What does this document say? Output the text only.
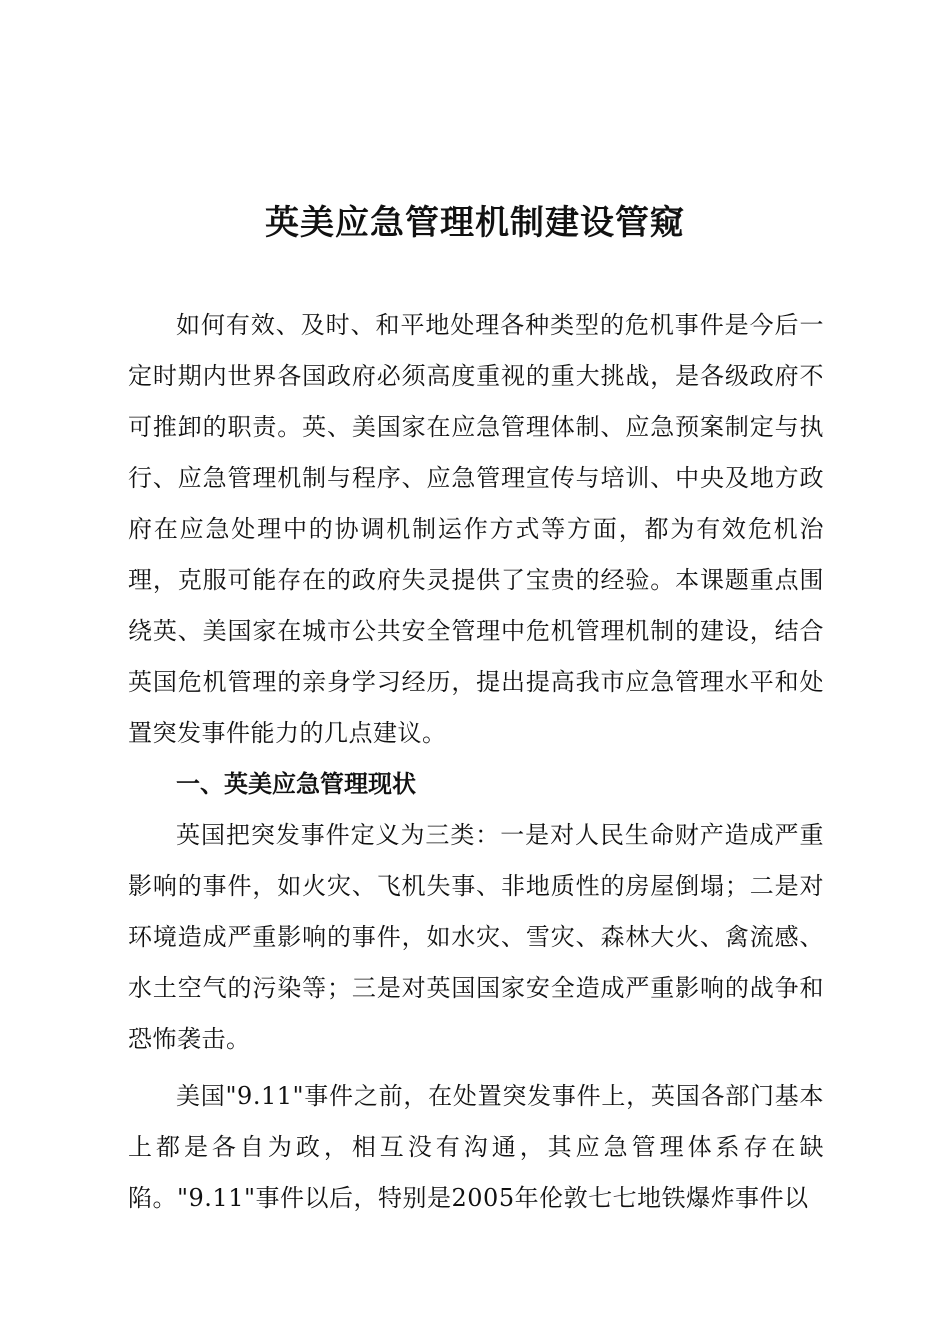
英美应急管理机制建设管窥

如何有效、及时、和平地处理各种类型的危机事件是今后一定时期内世界各国政府必须高度重视的重大挑战，是各级政府不可推卸的职责。英、美国家在应急管理体制、应急预案制定与执行、应急管理机制与程序、应急管理宣传与培训、中央及地方政府在应急处理中的协调机制运作方式等方面，都为有效危机治理，克服可能存在的政府失灵提供了宝贵的经验。本课题重点围绕英、美国家在城市公共安全管理中危机管理机制的建设，结合英国危机管理的亲身学习经历，提出提高我市应急管理水平和处置突发事件能力的几点建议。

一、英美应急管理现状

英国把突发事件定义为三类：一是对人民生命财产造成严重影响的事件，如火灾、飞机失事、非地质性的房屋倒塌；二是对环境造成严重影响的事件，如水灾、雪灾、森林大火、禽流感、水土空气的污染等；三是对英国国家安全造成严重影响的战争和恐怖袭击。

美国"9.11"事件之前，在处置突发事件上，英国各部门基本上都是各自为政，相互没有沟通，其应急管理体系存在缺陷。"9.11"事件以后，特别是2005年伦敦七七地铁爆炸事件以
